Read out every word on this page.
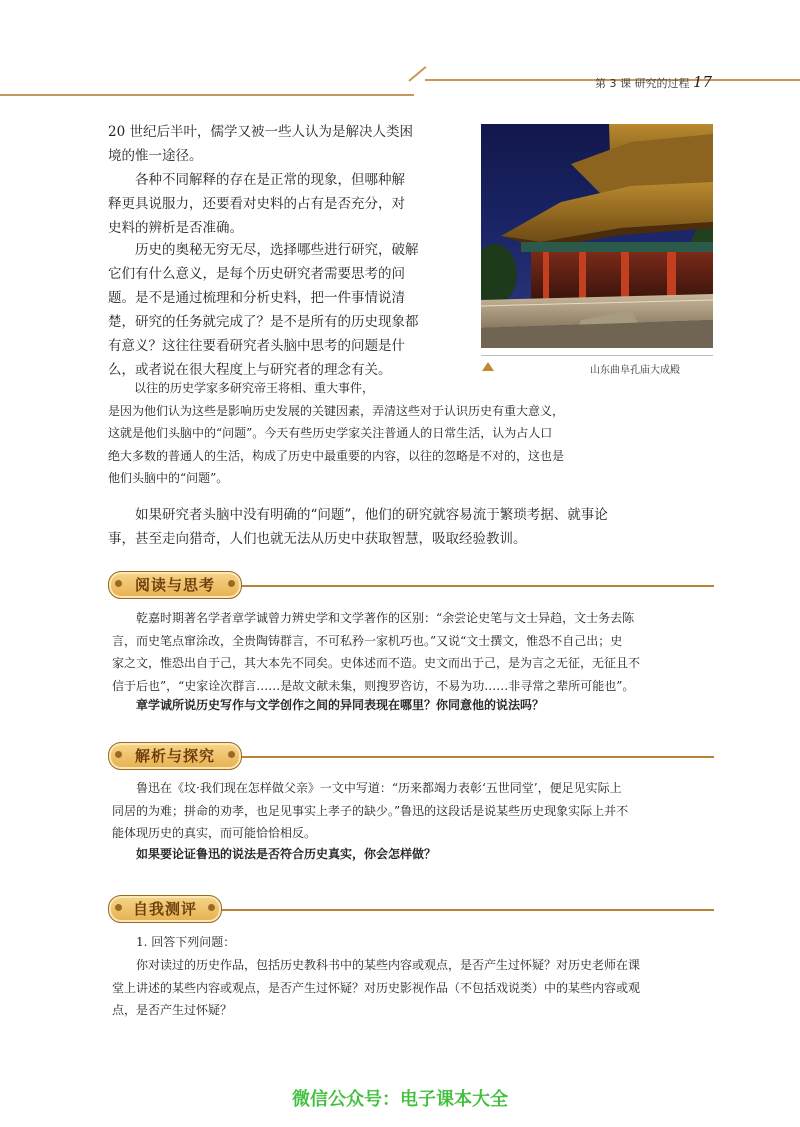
第 3 课 研究的过程 17
20 世纪后半叶，儒学又被一些人认为是解决人类困
境的惟一途径。
各种不同解释的存在是正常的现象，但哪种解
释更具说服力，还要看对史料的占有是否充分，对
史料的辨析是否准确。
历史的奥秘无穷无尽，选择哪些进行研究，破解
它们有什么意义，是每个历史研究者需要思考的问
题。是不是通过梳理和分析史料，把一件事情说清
楚，研究的任务就完成了？是不是所有的历史现象都
有意义？这往往要看研究者头脑中思考的问题是什
么，或者说在很大程度上与研究者的理念有关。	山东曲阜孔庙大成殿
以往的历史学家多研究帝王将相、重大事件，
是因为他们认为这些是影响历史发展的关键因素，弄清这些对于认识历史有重大意义，
这就是他们头脑中的“问题”。今天有些历史学家关注普通人的日常生活，认为占人口
绝大多数的普通人的生活，构成了历史中最重要的内容，以往的忽略是不对的，这也是
他们头脑中的“问题”。
如果研究者头脑中没有明确的“问题”，他们的研究就容易流于繁琐考据、就事论
事，甚至走向猎奇，人们也就无法从历史中获取智慧，吸取经验教训。
阅读与思考
乾嘉时期著名学者章学诚曾力辨史学和文学著作的区别：“余尝论史笔与文士异趋，文士务去陈
言，而史笔点窜涂改，全贵陶铸群言，不可私矜一家机巧也。”又说“文士撰文，惟恐不自己出；史
家之文，惟恐出自于己，其大本先不同矣。史体述而不造。史文而出于己，是为言之无征，无征且不
信于后也”，“史家诠次群言……是故文献未集，则搜罗咨访，不易为功……非寻常之辈所可能也”。
章学诚所说历史写作与文学创作之间的异同表现在哪里？你同意他的说法吗？
解析与探究
鲁迅在《坟·我们现在怎样做父亲》一文中写道：“历来都竭力表彰‘五世同堂’，便足见实际上
同居的为难；拼命的劝孝，也足见事实上孝子的缺少。”鲁迅的这段话是说某些历史现象实际上并不
能体现历史的真实，而可能恰恰相反。
如果要论证鲁迅的说法是否符合历史真实，你会怎样做？
自我测评
1. 回答下列问题：
你对读过的历史作品，包括历史教科书中的某些内容或观点，是否产生过怀疑？对历史老师在课
堂上讲述的某些内容或观点，是否产生过怀疑？对历史影视作品（不包括戏说类）中的某些内容或观
点，是否产生过怀疑？
微信公众号：电子课本大全
